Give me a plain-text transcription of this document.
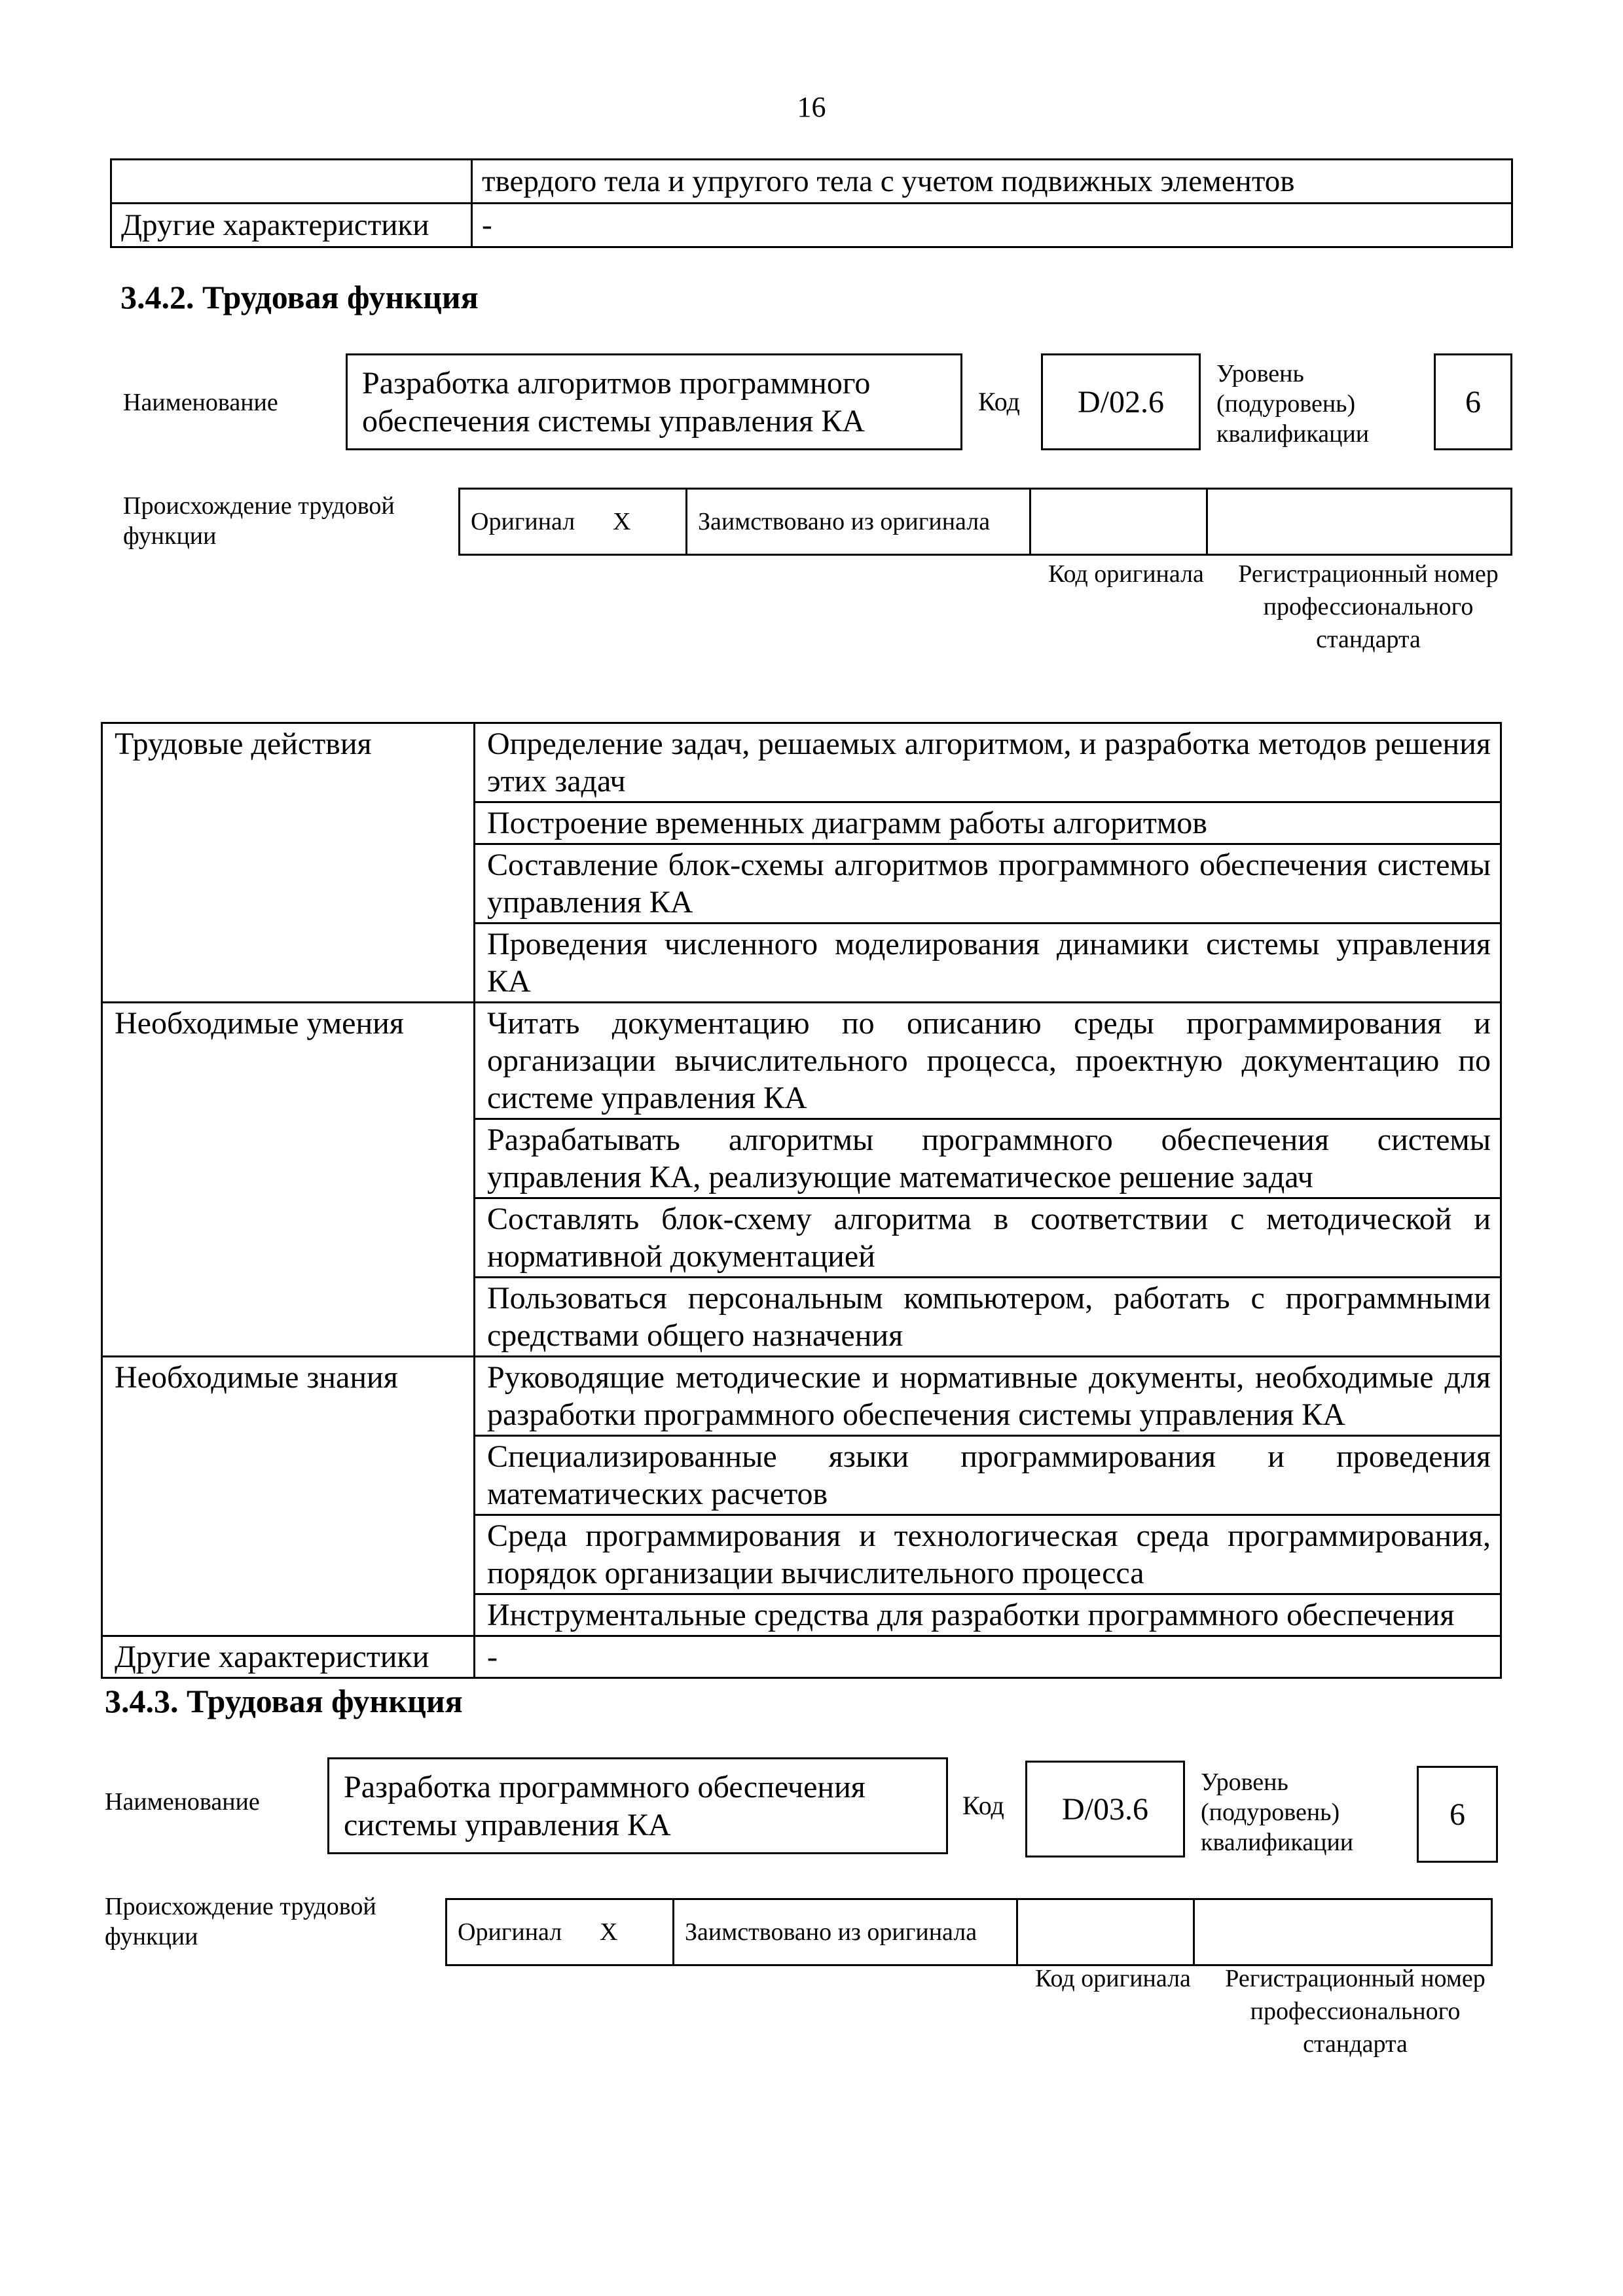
16
	твердого тела и упругого тела с учетом подвижных элементов
Другие характеристики	-
3.4.2. Трудовая функция
Наименование
Разработка алгоритмов программного обеспечения системы управления КА
Код D/02.6
Уровень (подуровень) квалификации
6
Происхождение трудовой функции
Оригинал	X	Заимствовано из оригинала		
Код оригинала Регистрационный номер профессионального стандарта
Трудовые действия	Определение задач, решаемых алгоритмом, и разработка методов решения этих задач
	Построение временных диаграмм работы алгоритмов
	Составление блок-схемы алгоритмов программного обеспечения системы управления КА
	Проведения численного моделирования динамики системы управления КА
Необходимые умения	Читать документацию по описанию среды программирования и организации вычислительного процесса, проектную документацию по системе управления КА
	Разрабатывать алгоритмы программного обеспечения системы управления КА, реализующие математическое решение задач
	Составлять блок-схему алгоритма в соответствии с методической и нормативной документацией
	Пользоваться персональным компьютером, работать с программными средствами общего назначения
Необходимые знания	Руководящие методические и нормативные документы, необходимые для разработки программного обеспечения системы управления КА
	Специализированные языки программирования и проведения математических расчетов
	Среда программирования и технологическая среда программирования, порядок организации вычислительного процесса
	Инструментальные средства для разработки программного обеспечения
Другие характеристики	-
3.4.3. Трудовая функция
Наименование	Разработка программного обеспечения системы управления КА
Код D/03.6
Уровень (подуровень) квалификации
6
Происхождение трудовой функции	Оригинал	X	Заимствовано из оригинала		
Код оригинала Регистрационный номер профессионального стандарта
